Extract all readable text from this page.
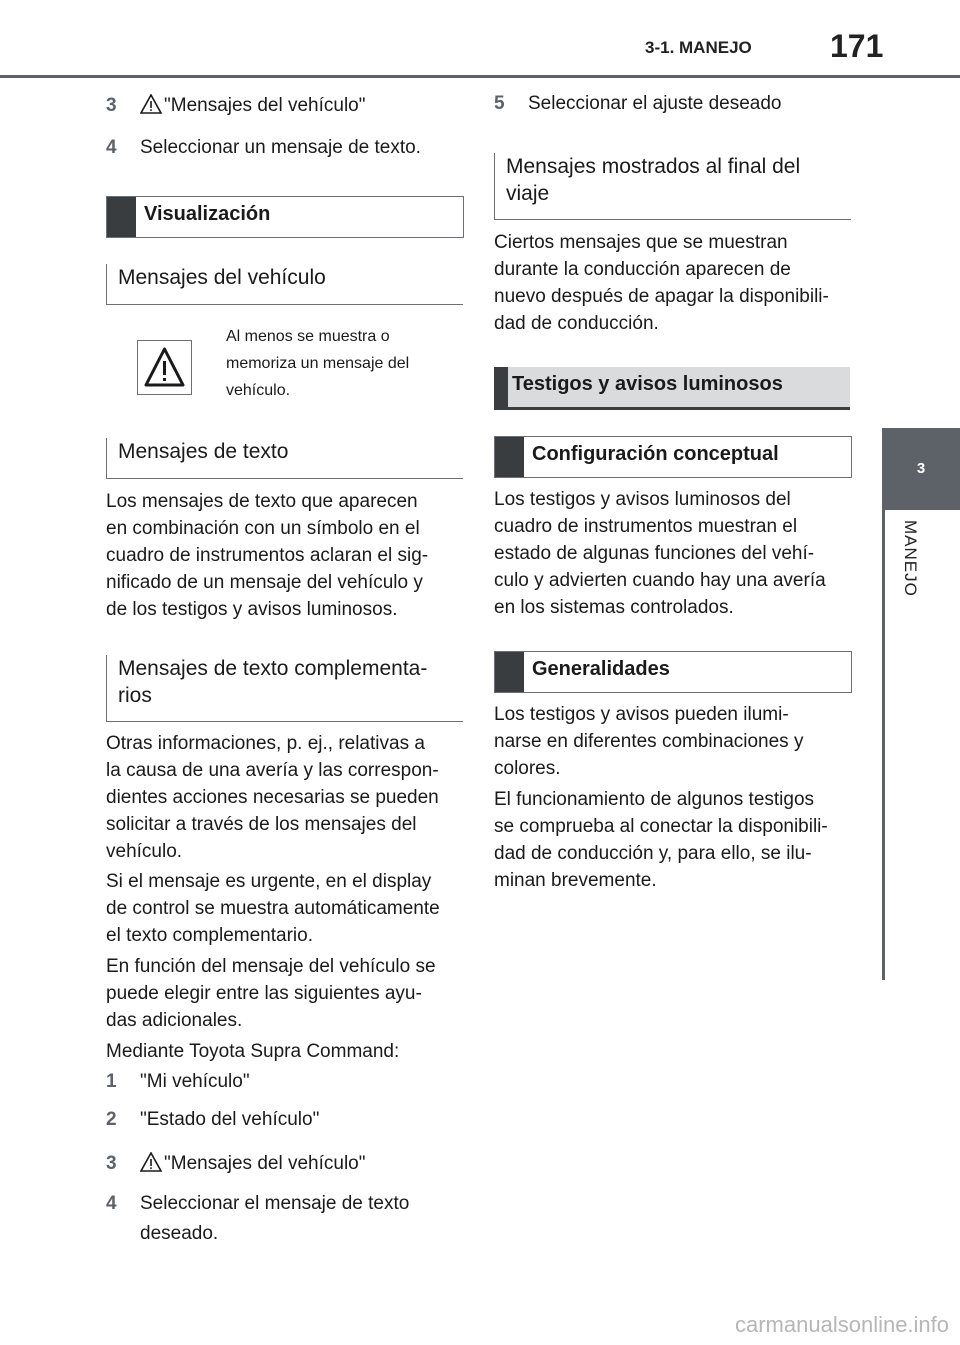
3-1. MANEJO 171
3
MANEJO
3 "Mensajes del vehículo"
4 Seleccionar un mensaje de texto.
Visualización
Mensajes del vehículo
Al menos se muestra o
memoriza un mensaje del
vehículo.
Mensajes de texto
Los mensajes de texto que aparecen
en combinación con un símbolo en el
cuadro de instrumentos aclaran el sig-
nificado de un mensaje del vehículo y
de los testigos y avisos luminosos.
Mensajes de texto complementa-
rios
Otras informaciones, p. ej., relativas a
la causa de una avería y las correspon-
dientes acciones necesarias se pueden
solicitar a través de los mensajes del
vehículo.
Si el mensaje es urgente, en el display
de control se muestra automáticamente
el texto complementario.
En función del mensaje del vehículo se
puede elegir entre las siguientes ayu-
das adicionales.
Mediante Toyota Supra Command:
1 "Mi vehículo"
2 "Estado del vehículo"
3 "Mensajes del vehículo"
4 Seleccionar el mensaje de texto
deseado.
5 Seleccionar el ajuste deseado
Mensajes mostrados al final del
viaje
Ciertos mensajes que se muestran
durante la conducción aparecen de
nuevo después de apagar la disponibili-
dad de conducción.
Testigos y avisos luminosos
Configuración conceptual
Los testigos y avisos luminosos del
cuadro de instrumentos muestran el
estado de algunas funciones del vehí-
culo y advierten cuando hay una avería
en los sistemas controlados.
Generalidades
Los testigos y avisos pueden ilumi-
narse en diferentes combinaciones y
colores.
El funcionamiento de algunos testigos
se comprueba al conectar la disponibili-
dad de conducción y, para ello, se ilu-
minan brevemente.
carmanualsonline.info
